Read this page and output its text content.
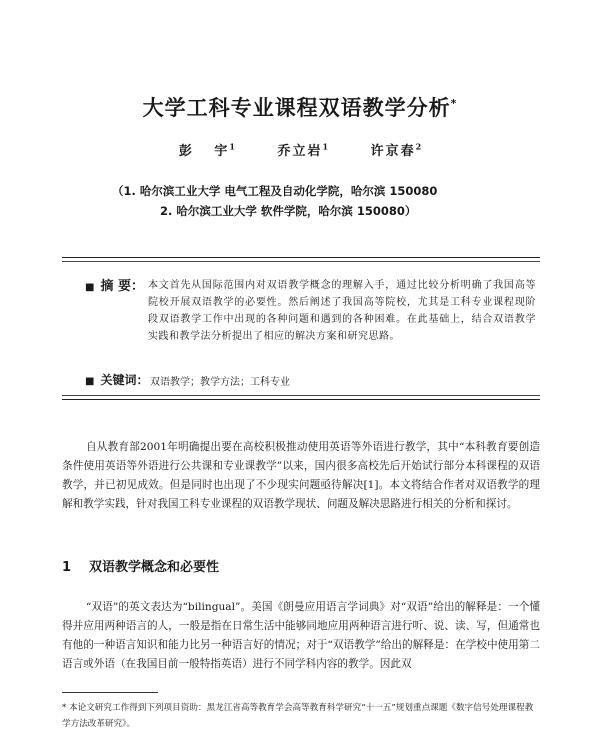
大学工科专业课程双语教学分析*
彭 宇$^1$	乔立岩$^1$	许京春$^2$
（1. 哈尔滨工业大学 电气工程及自动化学院，哈尔滨 150080
2. 哈尔滨工业大学 软件学院，哈尔滨 150080）
■ 摘 要： 本文首先从国际范围内对双语教学概念的理解入手，通过比较分析明确了我国高等院校开展双语教学的必要性。然后阐述了我国高等院校，尤其是工科专业课程现阶段双语教学工作中出现的各种问题和遇到的各种困难。在此基础上，结合双语教学实践和教学法分析提出了相应的解决方案和研究思路。
■ 关键词： 双语教学；教学方法；工科专业

自从教育部2001年明确提出要在高校积极推动使用英语等外语进行教学，其中“本科教育要创造条件使用英语等外语进行公共课和专业课教学”以来，国内很多高校先后开始试行部分本科课程的双语教学，并已初见成效。但是同时也出现了不少现实问题亟待解决[1]。本文将结合作者对双语教学的理解和教学实践，针对我国工科专业课程的双语教学现状、问题及解决思路进行相关的分析和探讨。

1 双语教学概念和必要性

“双语”的英文表达为“bilingual”。美国《朗曼应用语言学词典》对“双语”给出的解释是：一个懂得并应用两种语言的人，一般是指在日常生活中能够同地应用两种语言进行听、说、读、写，但通常也有他的一种语言知识和能力比另一种语言好的情况；对于“双语教学”给出的解释是：在学校中使用第二语言或外语（在我国目前一般特指英语）进行不同学科内容的教学。因此双

* 本论文研究工作得到下列项目资助：黑龙江省高等教育学会高等教育科学研究“十一五”规划重点课题《数字信号处理课程教学方法改革研究》。
